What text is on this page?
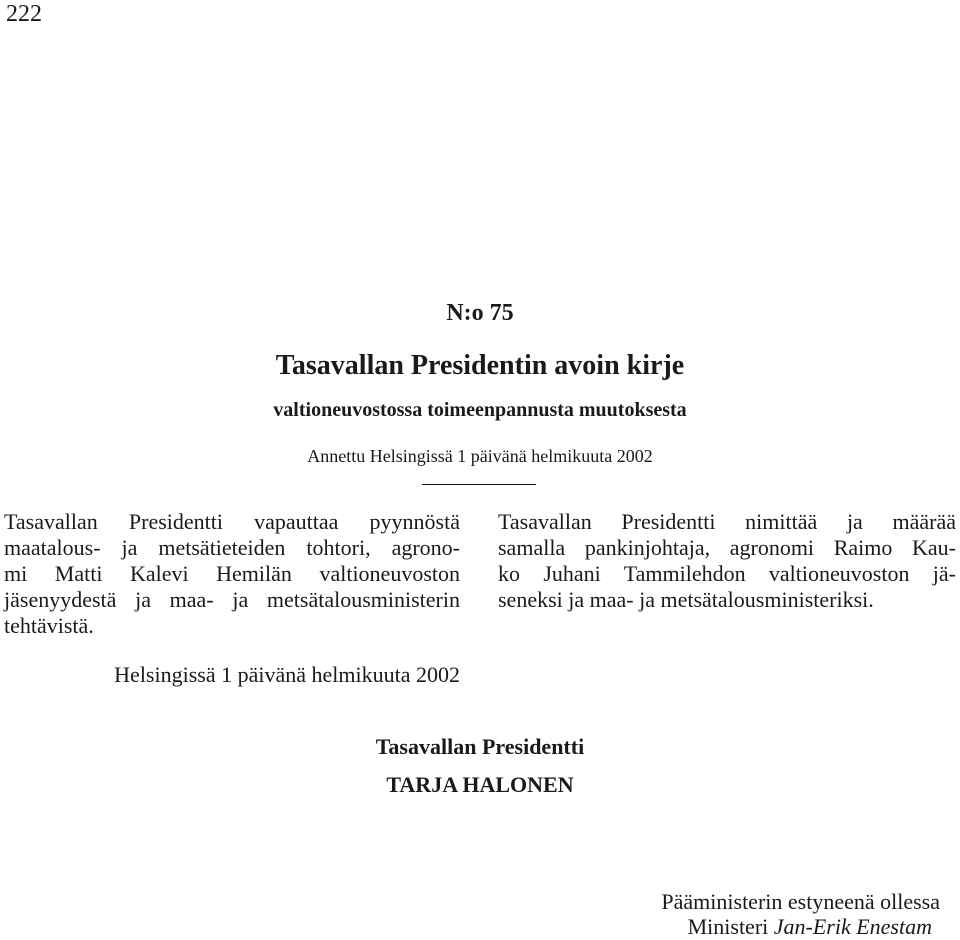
222
N:o 75
Tasavallan Presidentin avoin kirje
valtioneuvostossa toimeenpannusta muutoksesta
Annettu Helsingissä 1 päivänä helmikuuta 2002
Tasavallan Presidentti vapauttaa pyynnöstä
maatalous- ja metsätieteiden tohtori, agrono-
mi Matti Kalevi Hemilän valtioneuvoston
jäsenyydestä ja maa- ja metsätalousministerin
tehtävistä.
Tasavallan Presidentti nimittää ja määrää
samalla pankinjohtaja, agronomi Raimo Kau-
ko Juhani Tammilehdon valtioneuvoston jä-
seneksi ja maa- ja metsätalousministeriksi.
Helsingissä 1 päivänä helmikuuta 2002
Tasavallan Presidentti
TARJA HALONEN
Pääministerin estyneenä ollessa
Ministeri Jan-Erik Enestam
